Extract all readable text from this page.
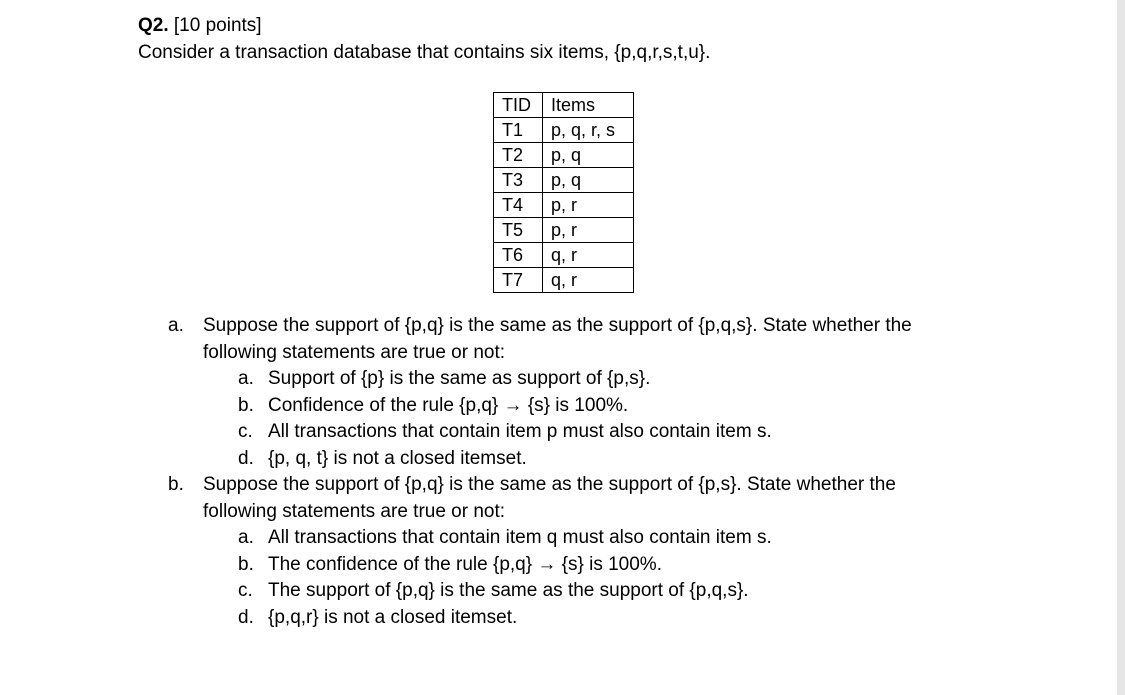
Q2. [10 points]
Consider a transaction database that contains six items, {p,q,r,s,t,u}.
TID	Items
T1	p, q, r, s
T2	p, q
T3	p, q
T4	p, r
T5	p, r
T6	q, r
T7	q, r
a.	Suppose the support of {p,q} is the same as the support of {p,q,s}. State whether the
following statements are true or not:
a. Support of {p} is the same as support of {p,s}.
b. Confidence of the rule {p,q} → {s} is 100%.
c. All transactions that contain item p must also contain item s.
d. {p, q, t} is not a closed itemset.
b.	Suppose the support of {p,q} is the same as the support of {p,s}. State whether the
following statements are true or not:
a. All transactions that contain item q must also contain item s.
b. The confidence of the rule {p,q} → {s} is 100%.
c. The support of {p,q} is the same as the support of {p,q,s}.
d. {p,q,r} is not a closed itemset.
